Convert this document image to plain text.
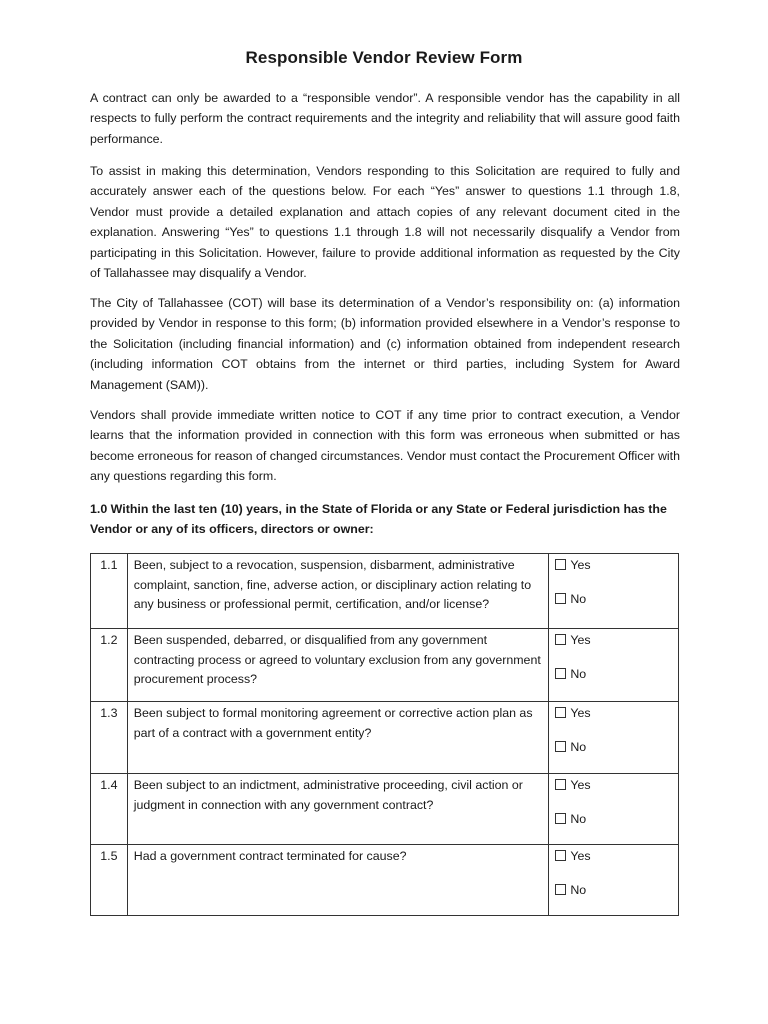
Responsible Vendor Review Form

A contract can only be awarded to a “responsible vendor”. A responsible vendor has the capability in all respects to fully perform the contract requirements and the integrity and reliability that will assure good faith performance.

To assist in making this determination, Vendors responding to this Solicitation are required to fully and accurately answer each of the questions below. For each “Yes” answer to questions 1.1 through 1.8, Vendor must provide a detailed explanation and attach copies of any relevant document cited in the explanation. Answering “Yes” to questions 1.1 through 1.8 will not necessarily disqualify a Vendor from participating in this Solicitation. However, failure to provide additional information as requested by the City of Tallahassee may disqualify a Vendor.

The City of Tallahassee (COT) will base its determination of a Vendor’s responsibility on: (a) information provided by Vendor in response to this form; (b) information provided elsewhere in a Vendor’s response to the Solicitation (including financial information) and (c) information obtained from independent research (including information COT obtains from the internet or third parties, including System for Award Management (SAM)).

Vendors shall provide immediate written notice to COT if any time prior to contract execution, a Vendor learns that the information provided in connection with this form was erroneous when submitted or has become erroneous for reason of changed circumstances. Vendor must contact the Procurement Officer with any questions regarding this form.

1.0 Within the last ten (10) years, in the State of Florida or any State or Federal jurisdiction has the Vendor or any of its officers, directors or owner:

1.1	Been, subject to a revocation, suspension, disbarment, administrative complaint, sanction, fine, adverse action, or disciplinary action relating to any business or professional permit, certification, and/or license?	Yes
No

1.2	Been suspended, debarred, or disqualified from any government contracting process or agreed to voluntary exclusion from any government procurement process?	Yes
No

1.3	Been subject to formal monitoring agreement or corrective action plan as part of a contract with a government entity?	Yes
No

1.4	Been subject to an indictment, administrative proceeding, civil action or judgment in connection with any government contract?	Yes
No

1.5	Had a government contract terminated for cause?	Yes
No
